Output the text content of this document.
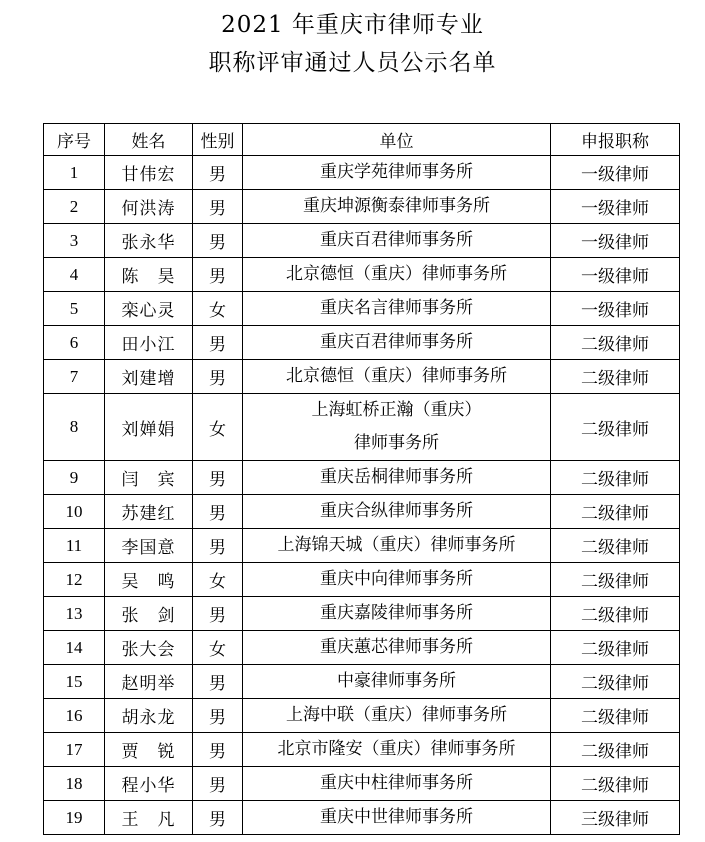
2021 年重庆市律师专业
职称评审通过人员公示名单
序号	姓名	性别	单位	申报职称
1	甘伟宏	男	重庆学苑律师事务所	一级律师
2	何洪涛	男	重庆坤源衡泰律师事务所	一级律师
3	张永华	男	重庆百君律师事务所	一级律师
4	陈　昊	男	北京德恒（重庆）律师事务所	一级律师
5	栾心灵	女	重庆名言律师事务所	一级律师
6	田小江	男	重庆百君律师事务所	二级律师
7	刘建增	男	北京德恒（重庆）律师事务所	二级律师
8	刘婵娟	女	上海虹桥正瀚（重庆）
律师事务所	二级律师
9	闫　宾	男	重庆岳桐律师事务所	二级律师
10	苏建红	男	重庆合纵律师事务所	二级律师
11	李国意	男	上海锦天城（重庆）律师事务所	二级律师
12	吴　鸣	女	重庆中向律师事务所	二级律师
13	张　剑	男	重庆嘉陵律师事务所	二级律师
14	张大会	女	重庆蕙芯律师事务所	二级律师
15	赵明举	男	中豪律师事务所	二级律师
16	胡永龙	男	上海中联（重庆）律师事务所	二级律师
17	贾　锐	男	北京市隆安（重庆）律师事务所	二级律师
18	程小华	男	重庆中柱律师事务所	二级律师
19	王　凡	男	重庆中世律师事务所	三级律师
